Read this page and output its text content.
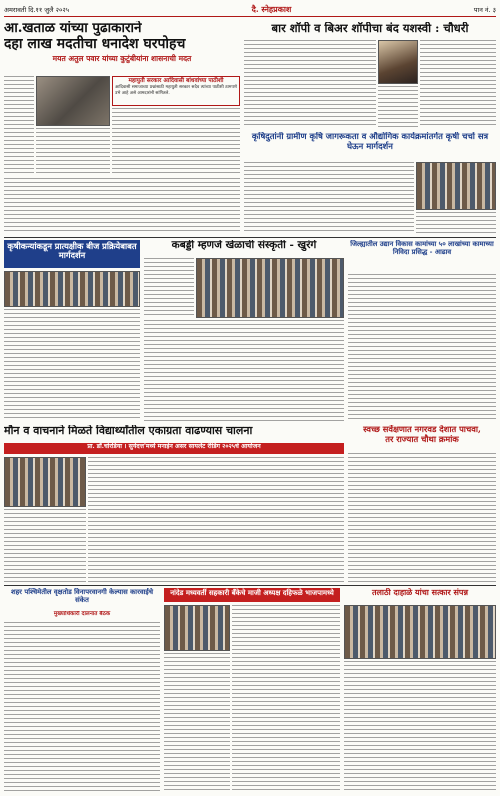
अमरावती दि.११ जुलै २०२५	दै. स्नेहप्रकाश	पान नं. ३
आ.खताळ यांच्या पुढाकाराने
दहा लाख मदतीचा धनादेश घरपोहच
मयत अतुल पवार यांच्या कुटुंबीयांना शासनाची मदत
महायुती सरकार आदिवासी बांधवांच्या पाठीशी
आदिवासी समाजाच्या प्रश्नांसाठी महायुती सरकार सदैव त्यांच्या पाठीशी ठामपणे उभे आहे असे आमदारांनी सांगितले.
बार शॉपी व बिअर शॉपीचा बंद यशस्वी : चौधरी
कृषिदुतांनी ग्रामीण कृषि जागरूकता व औद्योगिक कार्यक्रमांतर्गत कृषी चर्चा सत्र घेऊन मार्गदर्शन
कृषीकन्यांकडून प्रात्यक्षीक बीज प्रक्रियेबाबत मार्गदर्शन
कबड्डी म्हणजे खेळाची संस्कृती - खुरंगे	जिल्ह्यातील उद्यान विकास कामांच्या ५० लाखांच्या कामाच्या निविदा प्रसिद्ध - आढाव
मौन व वाचनाने मिळते विद्यार्थ्यांतील एकाग्रता वाढण्यास चालना
प्रा. डॉ.चोरडिया । सुर्यदत्त'मध्ये मनाईन असर सायलेंट रीडिंग २०२५चे आयोजन
स्वच्छ सर्वेक्षणात नगरवड देशात पाचवा,
तर राज्यात चौथा क्रमांक
शहर पश्चिमेतील वृक्षतोड विनापरवानगी केल्यास कारवाईचे संकेत
मुख्याधिकारी दालनात बैठक
नांदेड मध्यवर्ती सहकारी बँकेचे माजी अध्यक्ष दहिफळे भाजपामध्ये	तलाठी दाहाळे यांचा सत्कार संपन्न
